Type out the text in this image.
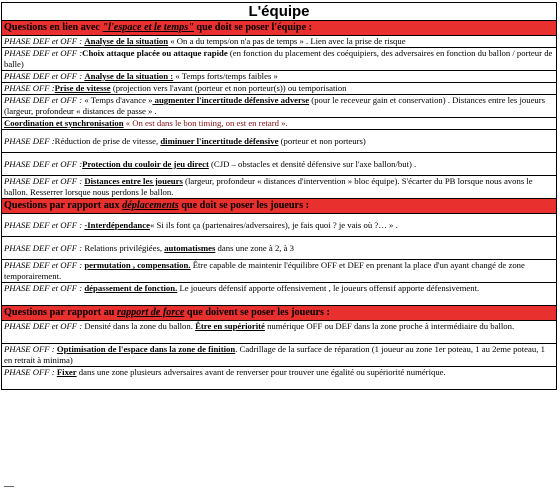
L'équipe
Questions en lien avec "l'espace et le temps" que doit se poser l'équipe :
PHASE DEF et OFF : Analyse de la situation « On a du temps/on n'a pas de temps » . Lien avec la prise de risque
PHASE DEF et OFF :Choix attaque placée ou attaque rapide (en fonction du placement des coéquipiers, des adversaires en fonction du ballon / porteur de balle)
PHASE DEF et OFF : Analyse de la situation : « Temps forts/temps faibles »
PHASE OFF :Prise de vitesse (projection vers l'avant (porteur et non porteur(s)) ou temporisation
PHASE DEF et OFF : « Temps d'avance » augmenter l'incertitude défensive adverse (pour le receveur gain et conservation) . Distances entre les joueurs (largeur, profondeur « distances de passe » .
Coordination et synchronisation « On est dans le bon timing, on est en retard ».
PHASE DEF :Réduction de prise de vitesse, diminuer l'incertitude défensive (porteur et non porteurs)
PHASE DEF et OFF :Protection du couloir de jeu direct (CJD – obstacles et densité défensive sur l'axe ballon/but) .
PHASE DEF et OFF : Distances entre les joueurs (largeur, profondeur « distances d'intervention » bloc équipe). S'écarter du PB lorsque nous avons le ballon. Resserrer lorsque nous perdons le ballon.
Questions par rapport aux déplacements que doit se poser les joueurs :
PHASE DEF et OFF : -Interdépendance« Si ils font ça (partenaires/adversaires), je fais quoi ? je vais où ?… » .
PHASE DEF et OFF : Relations privilégiées, automatismes dans une zone à 2, à 3
PHASE DEF et OFF : permutation , compensation. Être capable de maintenir l'équilibre OFF et DEF en prenant la place d'un ayant changé de zone temporairement.
PHASE DEF et OFF : dépassement de fonction. Le joueurs défensif apporte offensivement , le joueurs offensif apporte défensivement.
Questions par rapport au rapport de force que doivent se poser les joueurs :
PHASE DEF et OFF : Densité dans la zone du ballon. Être en supériorité numérique OFF ou DEF dans la zone proche à intermédiaire du ballon.
PHASE OFF : Optimisation de l'espace dans la zone de finition. Cadrillage de la surface de réparation (1 joueur au zone 1er poteau, 1 au 2eme poteau, 1 en retrait à minima)
PHASE OFF : Fixer dans une zone plusieurs adversaires avant de renverser pour trouver une égalité ou supériorité numérique.
